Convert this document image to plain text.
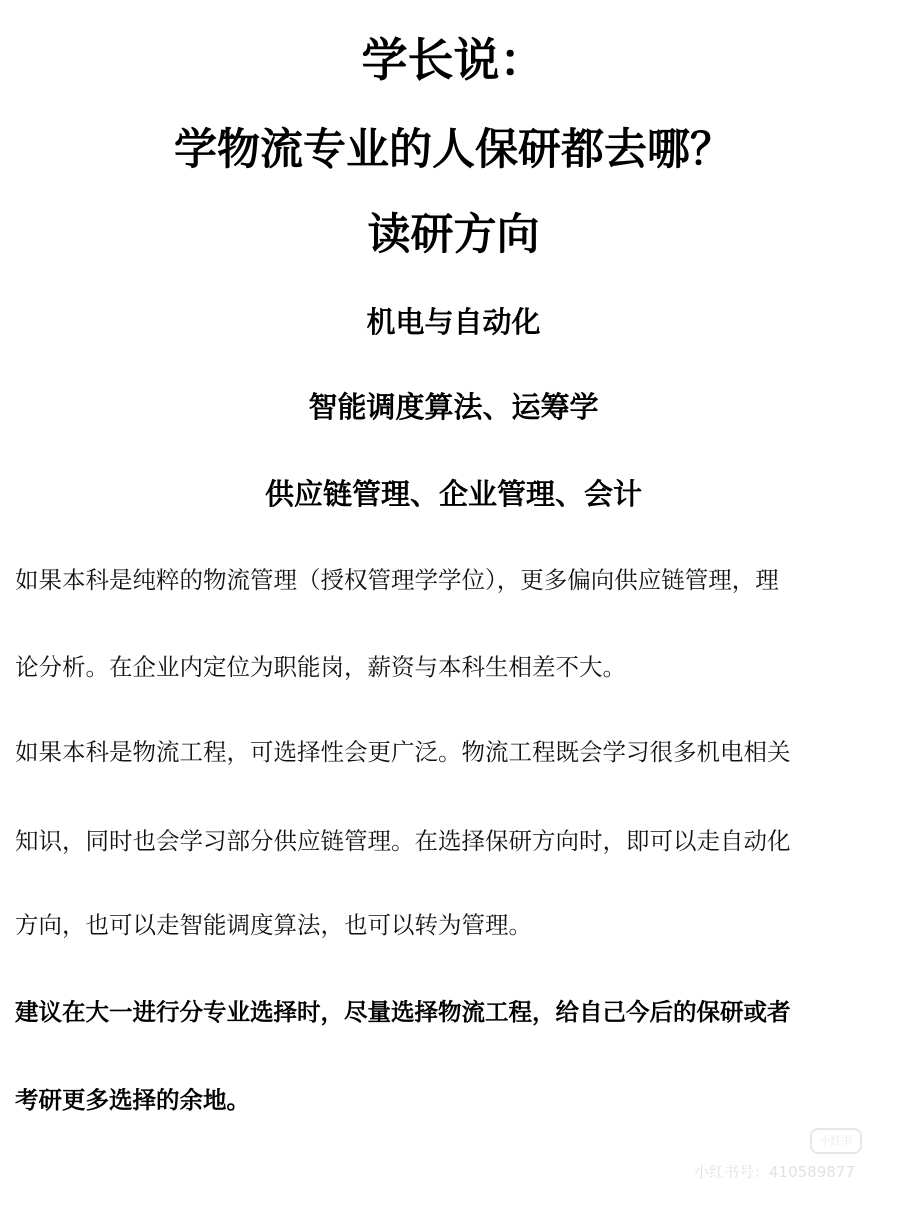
学长说：
学物流专业的人保研都去哪？
读研方向
机电与自动化
智能调度算法、运筹学
供应链管理、企业管理、会计
如果本科是纯粹的物流管理（授权管理学学位），更多偏向供应链管理，理
论分析。在企业内定位为职能岗，薪资与本科生相差不大。
如果本科是物流工程，可选择性会更广泛。物流工程既会学习很多机电相关
知识，同时也会学习部分供应链管理。在选择保研方向时，即可以走自动化
方向，也可以走智能调度算法，也可以转为管理。
建议在大一进行分专业选择时，尽量选择物流工程，给自己今后的保研或者
考研更多选择的余地。
小红书
小红书号：410589877
